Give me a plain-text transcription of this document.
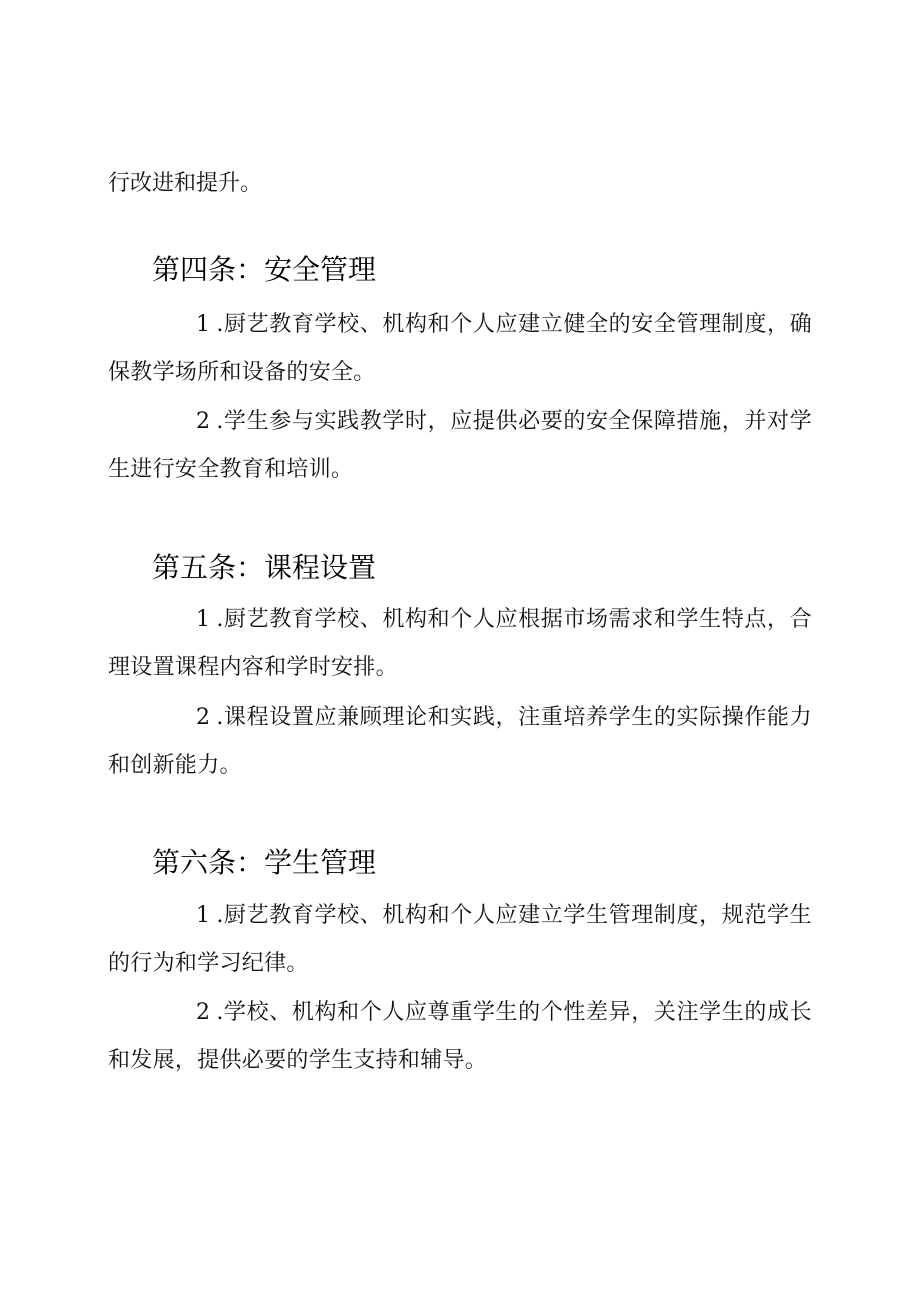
行改进和提升。

第四条：安全管理

1 .厨艺教育学校、机构和个人应建立健全的安全管理制度，确保教学场所和设备的安全。

2 .学生参与实践教学时，应提供必要的安全保障措施，并对学生进行安全教育和培训。

第五条：课程设置

1 .厨艺教育学校、机构和个人应根据市场需求和学生特点，合理设置课程内容和学时安排。

2 .课程设置应兼顾理论和实践，注重培养学生的实际操作能力和创新能力。

第六条：学生管理

1 .厨艺教育学校、机构和个人应建立学生管理制度，规范学生的行为和学习纪律。

2 .学校、机构和个人应尊重学生的个性差异，关注学生的成长和发展，提供必要的学生支持和辅导。
